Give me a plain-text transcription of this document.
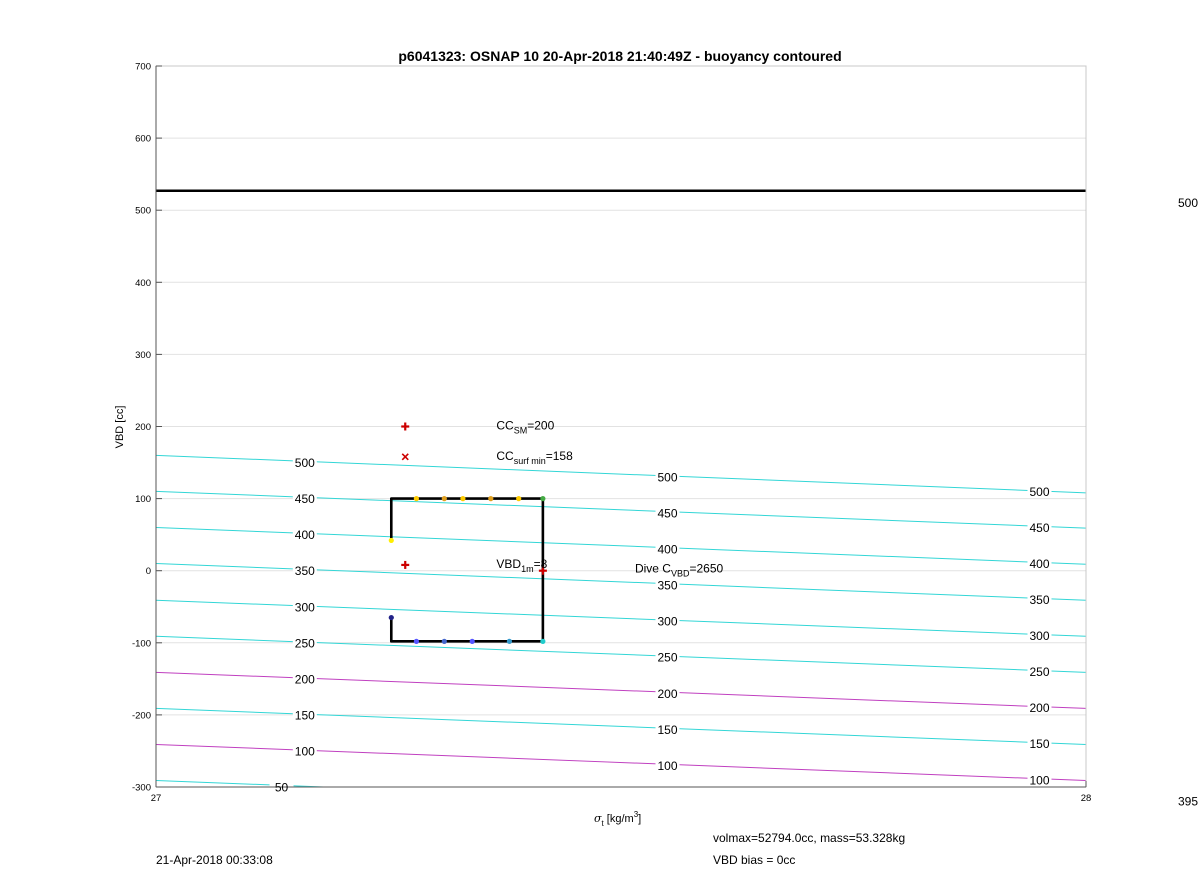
p6041323: OSNAP 10 20-Apr-2018 21:40:49Z - buoyancy contoured
VBD [cc]
$\sigma_t$ $[kg/m^3]$
700
600
500
400
300
200
100
0
-100
-200
-300
27	28
500
450
400
350
300
250
200
150
100
50
500
450
400
350
300
250
200
150
100
500
450
400
350
300
250
200
150
100
$CC_{SM}=200$
$CC_{surf min}=158$
$VBD_{1m}=8$	Dive $C_{VBD}=2650$
500
395
volmax=52794.0cc, mass=53.328kg
VBD bias = 0cc
21-Apr-2018 00:33:08
